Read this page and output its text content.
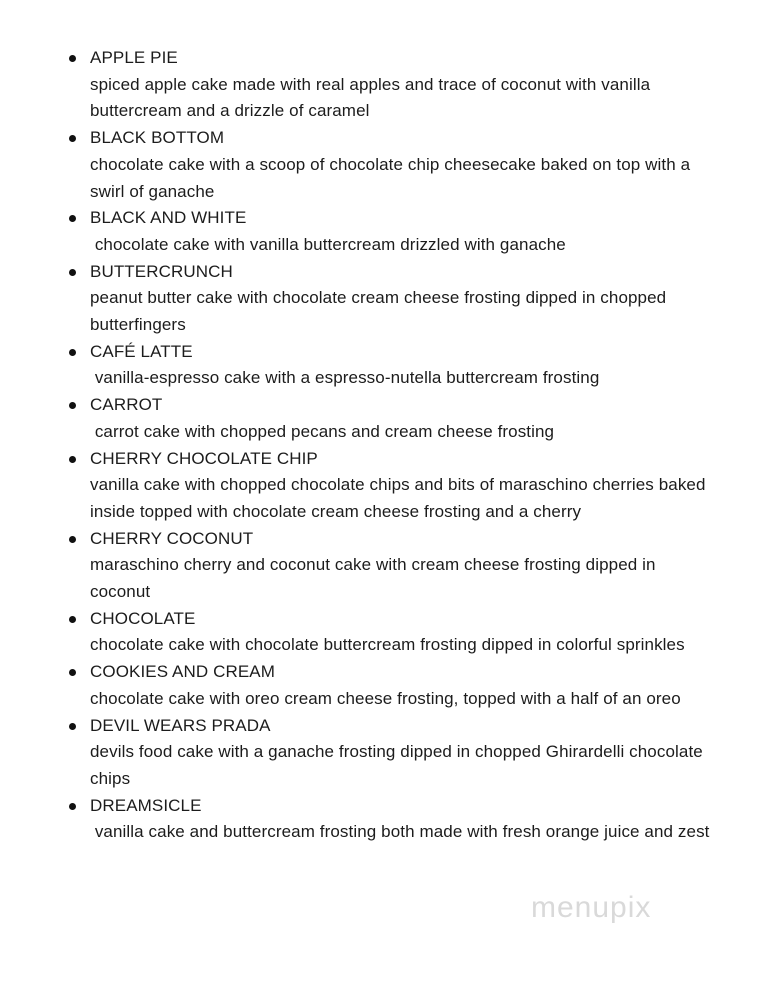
APPLE PIE
spiced apple cake made with real apples and trace of coconut with vanilla buttercream and a drizzle of caramel
BLACK BOTTOM
chocolate cake with a scoop of chocolate chip cheesecake baked on top with a swirl of ganache
BLACK AND WHITE
chocolate cake with vanilla buttercream drizzled with ganache
BUTTERCRUNCH
peanut butter cake with chocolate cream cheese frosting dipped in chopped butterfingers
CAFÉ LATTE
vanilla-espresso cake with a espresso-nutella buttercream frosting
CARROT
carrot cake with chopped pecans and cream cheese frosting
CHERRY CHOCOLATE CHIP
vanilla cake with chopped chocolate chips and bits of maraschino cherries baked inside topped with chocolate cream cheese frosting and a cherry
CHERRY COCONUT
maraschino cherry and coconut cake with cream cheese frosting dipped in coconut
CHOCOLATE
chocolate cake with chocolate buttercream frosting dipped in colorful sprinkles
COOKIES AND CREAM
chocolate cake with oreo cream cheese frosting, topped with a half of an oreo
DEVIL WEARS PRADA
devils food cake with a ganache frosting dipped in chopped Ghirardelli chocolate chips
DREAMSICLE
vanilla cake and buttercream frosting both made with fresh orange juice and zest
menupix
